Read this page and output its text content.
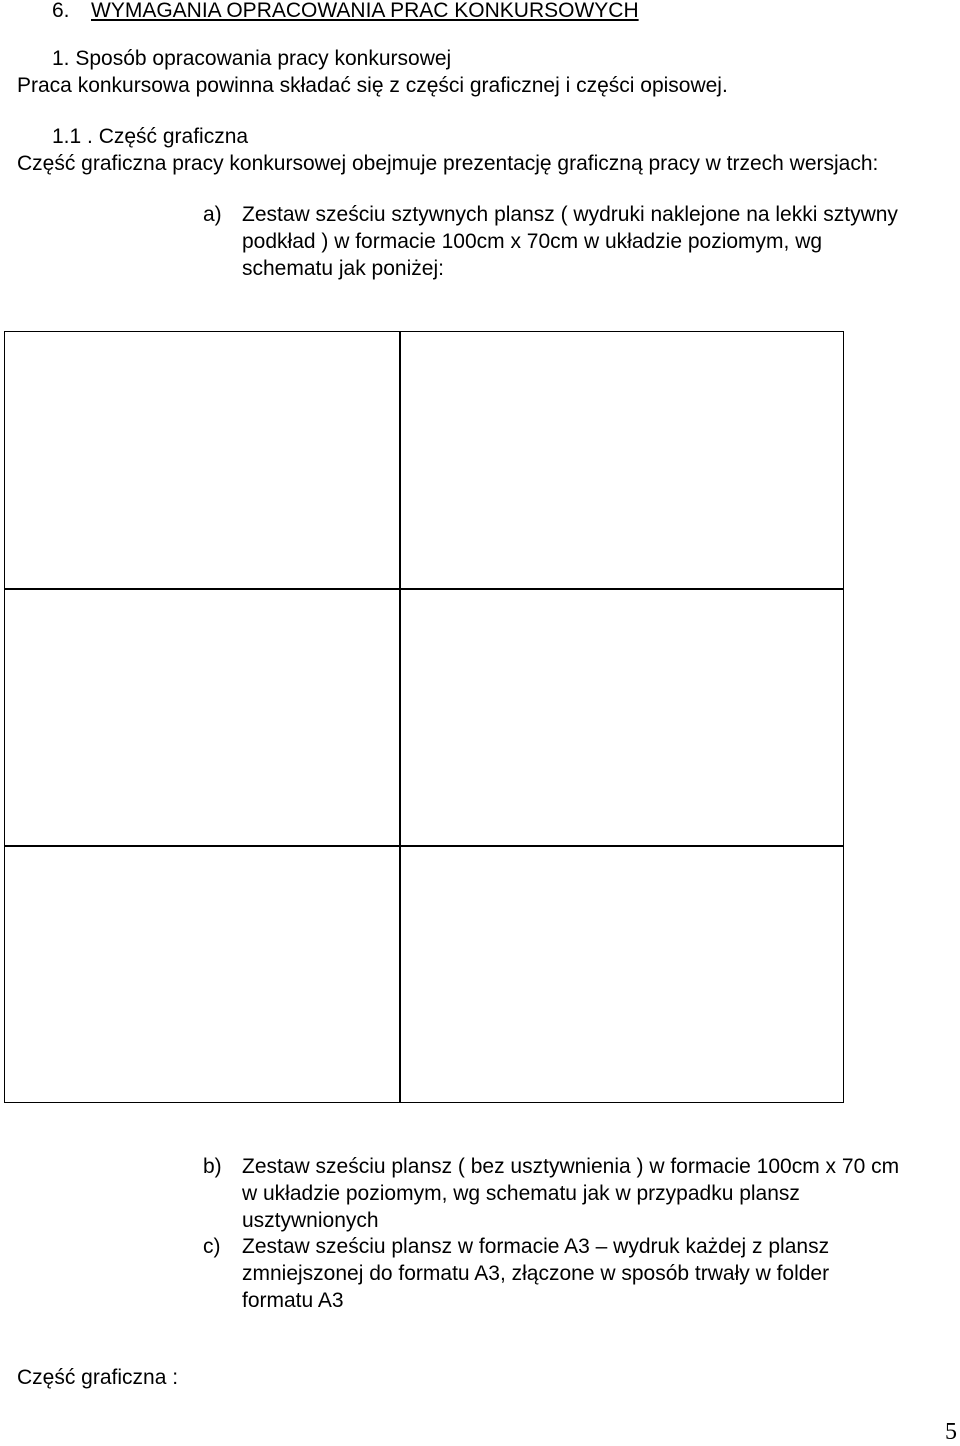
6. WYMAGANIA OPRACOWANIA PRAC KONKURSOWYCH
1. Sposób opracowania pracy konkursowej
Praca konkursowa powinna składać się z części graficznej i części opisowej.
1.1 . Część graficzna
Część graficzna pracy konkursowej obejmuje prezentację graficzną pracy w trzech wersjach:
a) Zestaw sześciu sztywnych plansz ( wydruki naklejone na lekki sztywny
podkład ) w formacie 100cm x 70cm w układzie poziomym, wg
schematu jak poniżej:
b) Zestaw sześciu plansz ( bez usztywnienia ) w formacie 100cm x 70 cm
w układzie poziomym, wg schematu jak w przypadku plansz
usztywnionych
c) Zestaw sześciu plansz w formacie A3 – wydruk każdej z plansz
zmniejszonej do formatu A3, złączone w sposób trwały w folder
formatu A3
Część graficzna :
5
